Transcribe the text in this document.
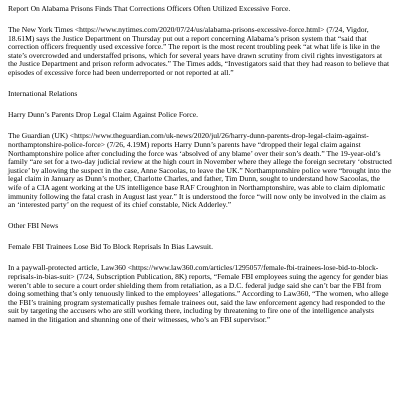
Report On Alabama Prisons Finds That Corrections Officers Often Utilized Excessive Force.
The New York Times <https://www.nytimes.com/2020/07/24/us/alabama-prisons-excessive-force.html> (7/24, Vigdor, 18.61M) says the Justice Department on Thursday put out a report concerning Alabama’s prison system that “said that correction officers frequently used excessive force.” The report is the most recent troubling peek “at what life is like in the state’s overcrowded and understaffed prisons, which for several years have drawn scrutiny from civil rights investigators at the Justice Department and prison reform advocates.” The Times adds, “Investigators said that they had reason to believe that episodes of excessive force had been underreported or not reported at all.”
International Relations
Harry Dunn’s Parents Drop Legal Claim Against Police Force.
The Guardian (UK) <https://www.theguardian.com/uk-news/2020/jul/26/harry-dunn-parents-drop-legal-claim-against-northamptonshire-police-force> (7/26, 4.19M) reports Harry Dunn’s parents have “dropped their legal claim against Northamptonshire police after concluding the force was ‘absolved of any blame’ over their son’s death.” The 19-year-old’s family “are set for a two-day judicial review at the high court in November where they allege the foreign secretary ‘obstructed justice’ by allowing the suspect in the case, Anne Sacoolas, to leave the UK.” Northamptonshire police were “brought into the legal claim in January as Dunn’s mother, Charlotte Charles, and father, Tim Dunn, sought to understand how Sacoolas, the wife of a CIA agent working at the US intelligence base RAF Croughton in Northamptonshire, was able to claim diplomatic immunity following the fatal crash in August last year.” It is understood the force “will now only be involved in the claim as an ‘interested party’ on the request of its chief constable, Nick Adderley.”
Other FBI News
Female FBI Trainees Lose Bid To Block Reprisals In Bias Lawsuit.
In a paywall-protected article, Law360 <https://www.law360.com/articles/1295057/female-fbi-trainees-lose-bid-to-block-reprisals-in-bias-suit> (7/24, Subscription Publication, 8K) reports, “Female FBI employees suing the agency for gender bias weren’t able to secure a court order shielding them from retaliation, as a D.C. federal judge said she can’t bar the FBI from doing something that’s only tenuously linked to the employees’ allegations.” According to Law360, “The women, who allege the FBI’s training program systematically pushes female trainees out, said the law enforcement agency had responded to the suit by targeting the accusers who are still working there, including by threatening to fire one of the intelligence analysts named in the litigation and shunning one of their witnesses, who’s an FBI supervisor.”
